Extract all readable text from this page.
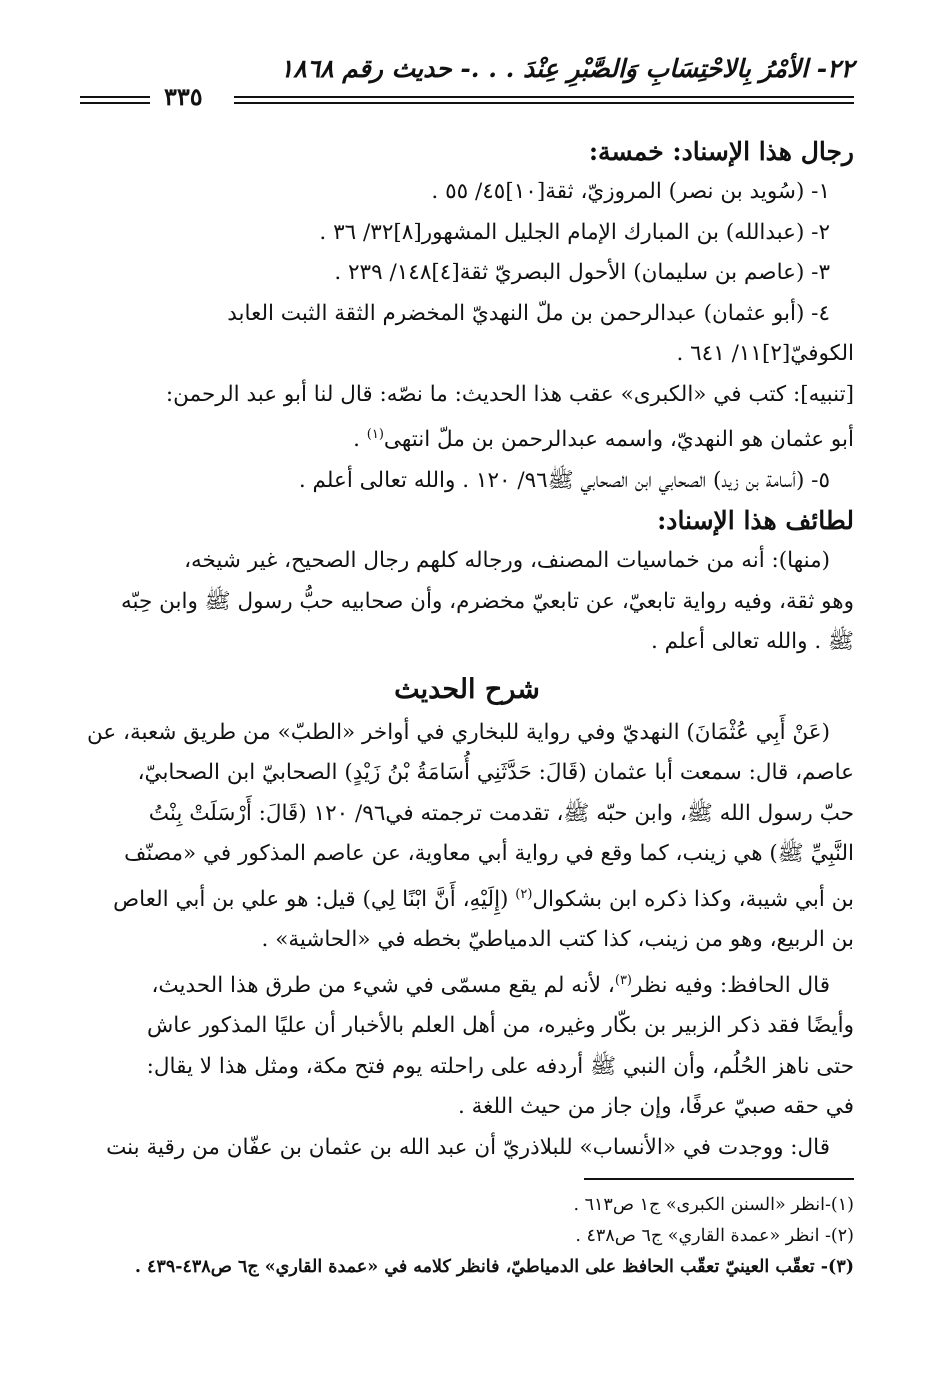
٢٢- الأمْرُ بِالاحْتِسَابِ وَالصَّبْرِ عِنْدَ . . .- حديث رقم ١٨٦٨
٣٣٥

رجال هذا الإسناد: خمسة:

١- (سُويد بن نصر) المروزيّ، ثقة[١٠]٤٥/ ٥٥ .

٢- (عبدالله) بن المبارك الإمام الجليل المشهور[٨]٣٢/ ٣٦ .

٣- (عاصم بن سليمان) الأحول البصريّ ثقة[٤]١٤٨/ ٢٣٩ .

٤- (أبو عثمان) عبدالرحمن بن ملّ النهديّ المخضرم الثقة الثبت العابد

الكوفيّ[٢]١١/ ٦٤١ .

[تنبيه]: كتب في «الكبرى» عقب هذا الحديث: ما نصّه: قال لنا أبو عبد الرحمن:

أبو عثمان هو النهديّ، واسمه عبدالرحمن بن ملّ انتهى$^{(١)}$ .

٥- (أسامة بن زيد) الصحابي ابن الصحابي ﷺ٩٦/ ١٢٠ . والله تعالى أعلم .

لطائف هذا الإسناد:

(منها): أنه من خماسيات المصنف، ورجاله كلهم رجال الصحيح، غير شيخه،

وهو ثقة، وفيه رواية تابعيّ، عن تابعيّ مخضرم، وأن صحابيه حبُّ رسول ﷺ وابن حِبّه

ﷺ . والله تعالى أعلم .

شرح الحديث

(عَنْ أَبِي عُثْمَانَ) النهديّ وفي رواية للبخاري في أواخر «الطبّ» من طريق شعبة، عن

عاصم، قال: سمعت أبا عثمان (قَالَ: حَدَّثَنِي أُسَامَةُ بْنُ زَيْدٍ) الصحابيّ ابن الصحابيّ،

حبّ رسول الله ﷺ، وابن حبّه ﷺ، تقدمت ترجمته في٩٦/ ١٢٠ (قَالَ: أَرْسَلَتْ بِنْتُ

النَّبِيِّ ﷺ) هي زينب، كما وقع في رواية أبي معاوية، عن عاصم المذكور في «مصنّف

بن أبي شيبة، وكذا ذكره ابن بشكوال$^{(٢)}$ (إِلَيْهِ، أَنَّ ابْنًا لِي) قيل: هو علي بن أبي العاص

بن الربيع، وهو من زينب، كذا كتب الدمياطيّ بخطه في «الحاشية» .

قال الحافظ: وفيه نظر$^{(٣)}$، لأنه لم يقع مسمّى في شيء من طرق هذا الحديث،

وأيضًا فقد ذكر الزبير بن بكّار وغيره، من أهل العلم بالأخبار أن عليًا المذكور عاش

حتى ناهز الحُلُم، وأن النبي ﷺ أردفه على راحلته يوم فتح مكة، ومثل هذا لا يقال:

في حقه صبيّ عرفًا، وإن جاز من حيث اللغة .

قال: ووجدت في «الأنساب» للبلاذريّ أن عبد الله بن عثمان بن عفّان من رقية بنت

(١)-انظر «السنن الكبرى» ج١ ص٦١٣ .

(٢)- انظر «عمدة القاري» ج٦ ص٤٣٨ .

(٣)- تعقّب العينيّ تعقّب الحافظ على الدمياطيّ، فانظر كلامه في «عمدة القاري» ج٦ ص٤٣٨-٤٣٩ .
